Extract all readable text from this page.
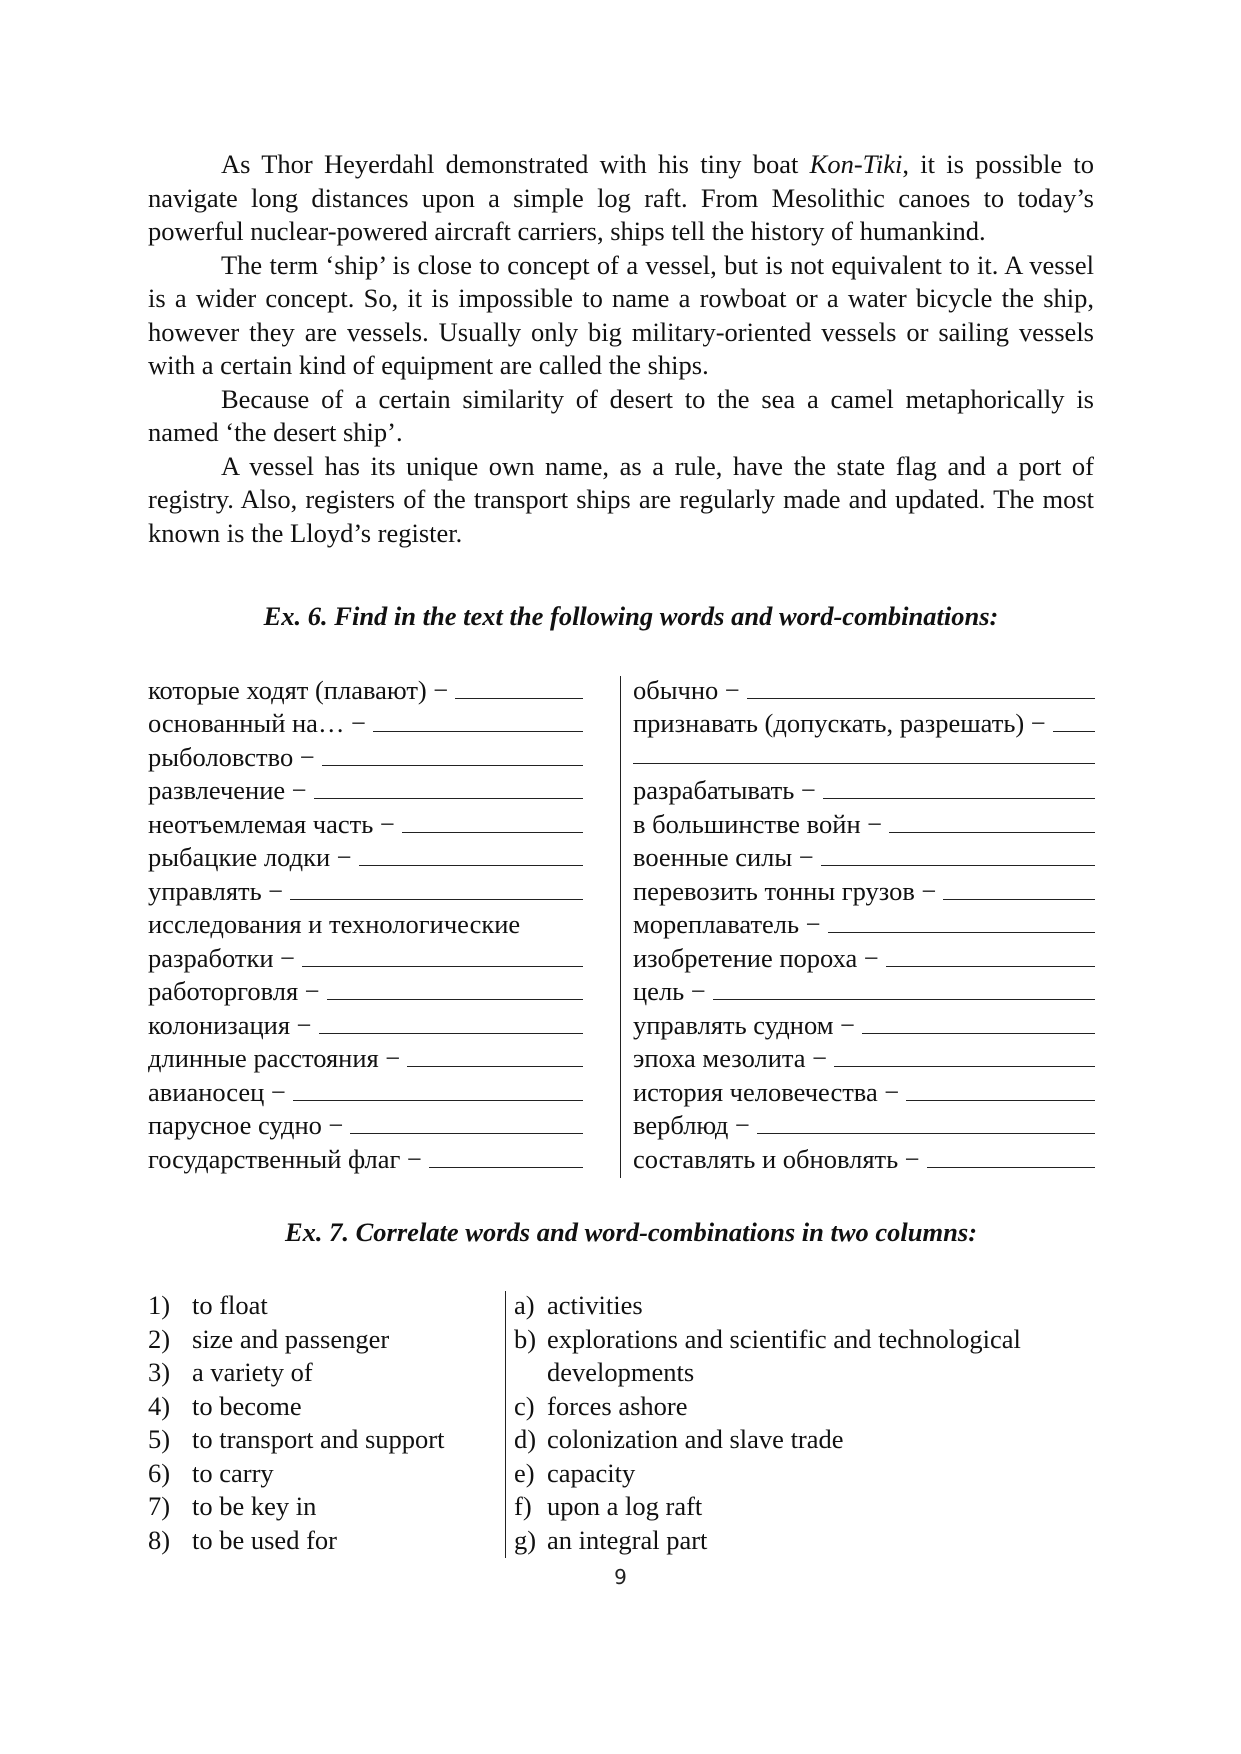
As Thor Heyerdahl demonstrated with his tiny boat Kon-Tiki, it is possible to navigate long distances upon a simple log raft. From Mesolithic canoes to today’s powerful nuclear-powered aircraft carriers, ships tell the history of humankind.

The term ‘ship’ is close to concept of a vessel, but is not equivalent to it. A vessel is a wider concept. So, it is impossible to name a rowboat or a water bicycle the ship, however they are vessels. Usually only big military-oriented vessels or sailing vessels with a certain kind of equipment are called the ships.

Because of a certain similarity of desert to the sea a camel metaphorically is named ‘the desert ship’.

A vessel has its unique own name, as a rule, have the state flag and a port of registry. Also, registers of the transport ships are regularly made and updated. The most known is the Lloyd’s register.

Ex. 6. Find in the text the following words and word-combinations:

которые ходят (плавают) −
основанный на… −
рыболовство −
развлечение −
неотъемлемая часть −
рыбацкие лодки −
управлять −
исследования и технологические
разработки −
работорговля −
колонизация −
длинные расстояния −
авианосец −
парусное судно −
государственный флаг −
обычно −
признавать (допускать, разрешать) −
разрабатывать −
в большинстве войн −
военные силы −
перевозить тонны грузов −
мореплаватель −
изобретение пороха −
цель −
управлять судном −
эпоха мезолита −
история человечества −
верблюд −
составлять и обновлять −

Ex. 7. Correlate words and word-combinations in two columns:

1) to float
2) size and passenger
3) a variety of
4) to become
5) to transport and support
6) to carry
7) to be key in
8) to be used for
a) activities
b) explorations and scientific and technological developments
c) forces ashore
d) colonization and slave trade
e) capacity
f) upon a log raft
g) an integral part
9
